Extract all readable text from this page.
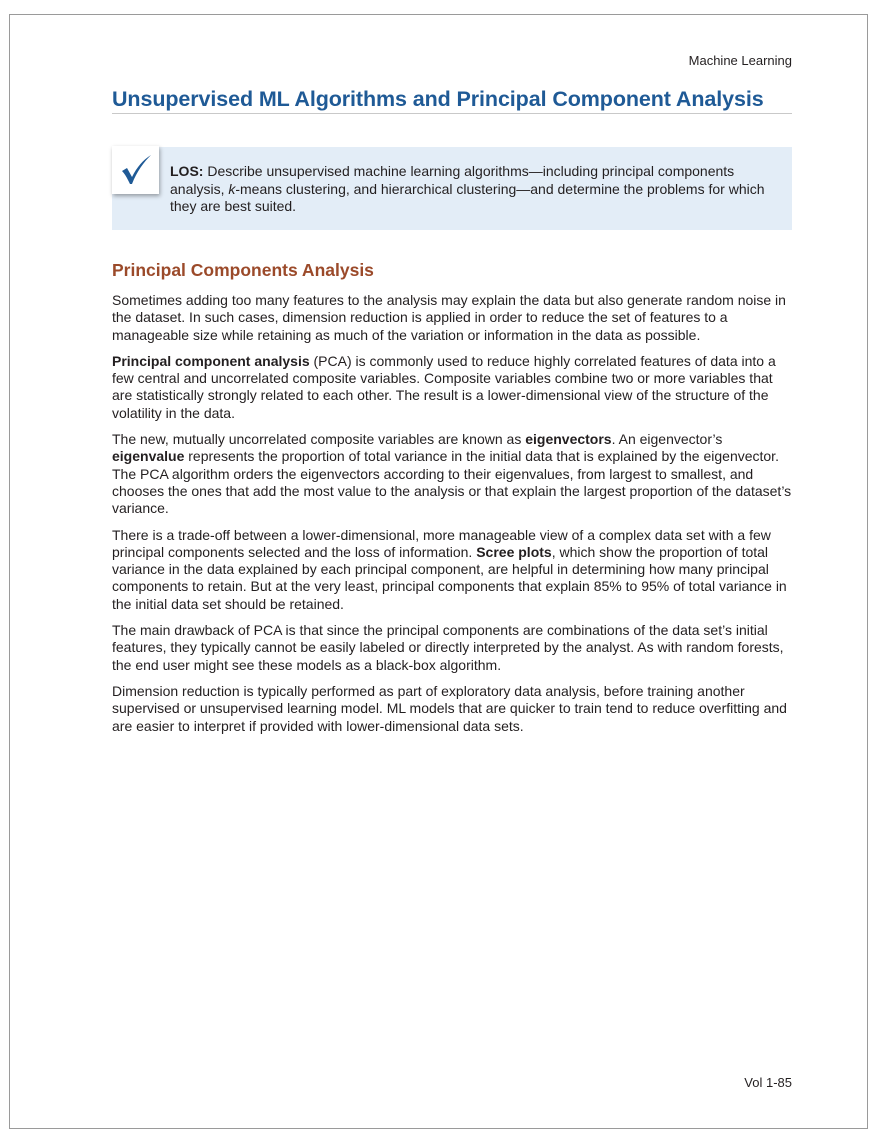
Machine Learning
Unsupervised ML Algorithms and Principal Component Analysis

LOS: Describe unsupervised machine learning algorithms—including principal components analysis, k-means clustering, and hierarchical clustering—and determine the problems for which they are best suited.

Principal Components Analysis

Sometimes adding too many features to the analysis may explain the data but also generate random noise in the dataset. In such cases, dimension reduction is applied in order to reduce the set of features to a manageable size while retaining as much of the variation or information in the data as possible.

Principal component analysis (PCA) is commonly used to reduce highly correlated features of data into a few central and uncorrelated composite variables. Composite variables combine two or more variables that are statistically strongly related to each other. The result is a lower-dimensional view of the structure of the volatility in the data.

The new, mutually uncorrelated composite variables are known as eigenvectors. An eigenvector’s eigenvalue represents the proportion of total variance in the initial data that is explained by the eigenvector. The PCA algorithm orders the eigenvectors according to their eigenvalues, from largest to smallest, and chooses the ones that add the most value to the analysis or that explain the largest proportion of the dataset’s variance.

There is a trade-off between a lower-dimensional, more manageable view of a complex data set with a few principal components selected and the loss of information. Scree plots, which show the proportion of total variance in the data explained by each principal component, are helpful in determining how many principal components to retain. But at the very least, principal components that explain 85% to 95% of total variance in the initial data set should be retained.

The main drawback of PCA is that since the principal components are combinations of the data set’s initial features, they typically cannot be easily labeled or directly interpreted by the analyst. As with random forests, the end user might see these models as a black-box algorithm.

Dimension reduction is typically performed as part of exploratory data analysis, before training another supervised or unsupervised learning model. ML models that are quicker to train tend to reduce overfitting and are easier to interpret if provided with lower-dimensional data sets.

Vol 1-85
